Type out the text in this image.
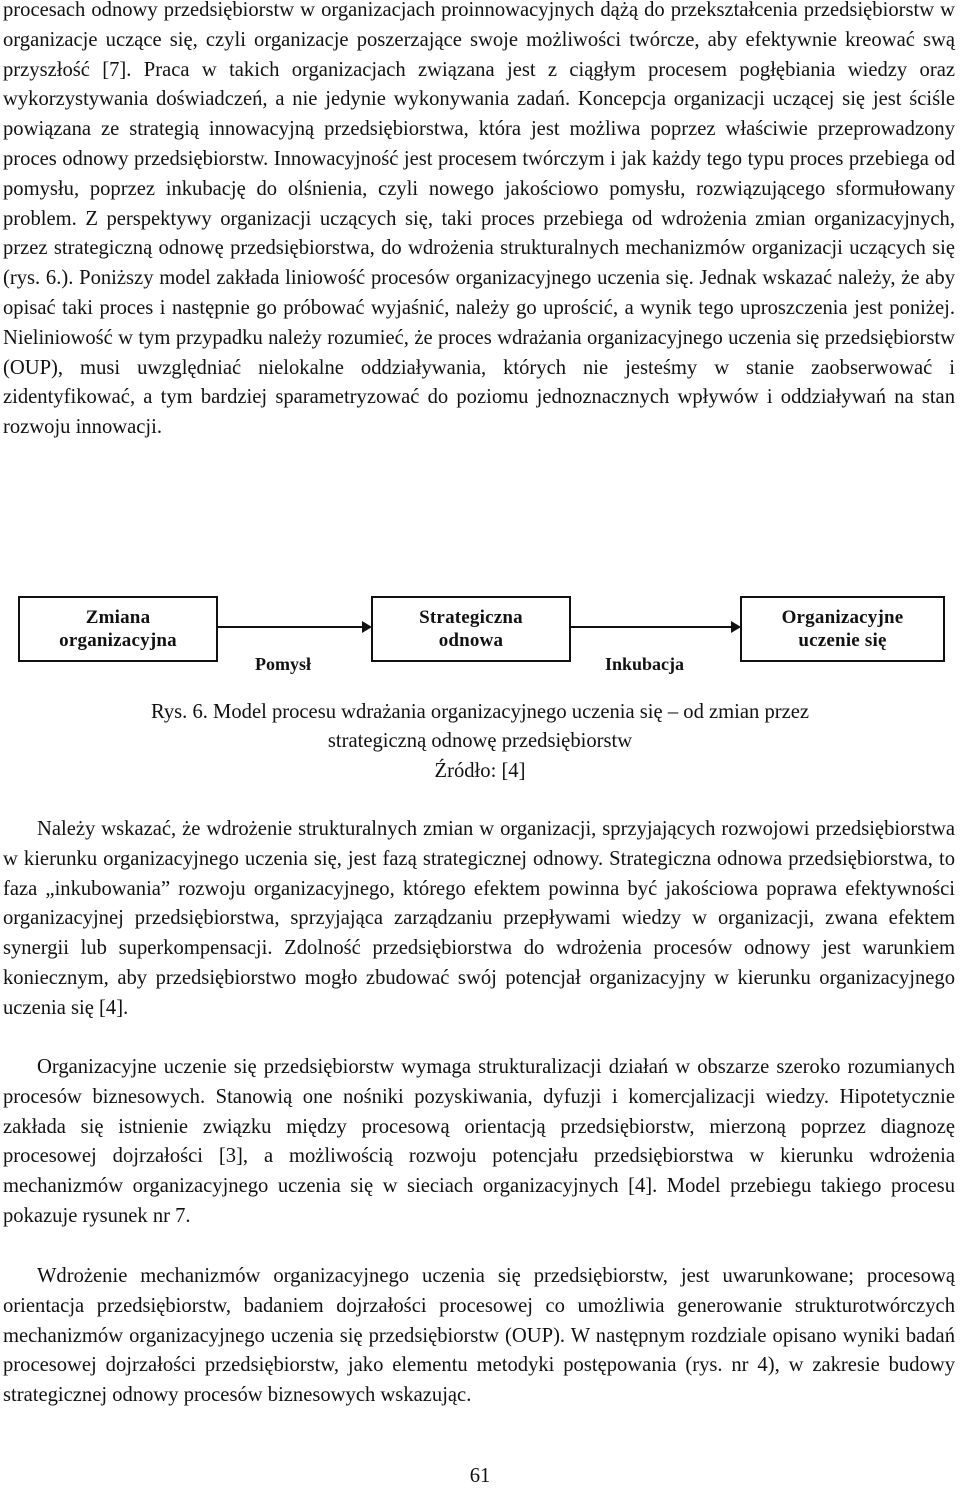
procesach odnowy przedsiębiorstw w organizacjach proinnowacyjnych dążą do przekształcenia przedsiębiorstw w organizacje uczące się, czyli organizacje poszerzające swoje możliwości twórcze, aby efektywnie kreować swą przyszłość [7]. Praca w takich organizacjach związana jest z ciągłym procesem pogłębiania wiedzy oraz wykorzystywania doświadczeń, a nie jedynie wykonywania zadań. Koncepcja organizacji uczącej się jest ściśle powiązana ze strategią innowacyjną przedsiębiorstwa, która jest możliwa poprzez właściwie przeprowadzony proces odnowy przedsiębiorstw. Innowacyjność jest procesem twórczym i jak każdy tego typu proces przebiega od pomysłu, poprzez inkubację do olśnienia, czyli nowego jakościowo pomysłu, rozwiązującego sformułowany problem. Z perspektywy organizacji uczących się, taki proces przebiega od wdrożenia zmian organizacyjnych, przez strategiczną odnowę przedsiębiorstwa, do wdrożenia strukturalnych mechanizmów organizacji uczących się (rys. 6.). Poniższy model zakłada liniowość procesów organizacyjnego uczenia się. Jednak wskazać należy, że aby opisać taki proces i następnie go próbować wyjaśnić, należy go uprościć, a wynik tego uproszczenia jest poniżej. Nieliniowość w tym przypadku należy rozumieć, że proces wdrażania organizacyjnego uczenia się przedsiębiorstw (OUP), musi uwzględniać nielokalne oddziaływania, których nie jesteśmy w stanie zaobserwować i zidentyfikować, a tym bardziej sparametryzować do poziomu jednoznacznych wpływów i oddziaływań na stan rozwoju innowacji.

Zmiana
organizacyjna
Strategiczna
odnowa
Organizacyjne
uczenie się
Pomysł	Inkubacja

Rys. 6. Model procesu wdrażania organizacyjnego uczenia się – od zmian przez

strategiczną odnowę przedsiębiorstw

Źródło: [4]

Należy wskazać, że wdrożenie strukturalnych zmian w organizacji, sprzyjających rozwojowi przedsiębiorstwa w kierunku organizacyjnego uczenia się, jest fazą strategicznej odnowy. Strategiczna odnowa przedsiębiorstwa, to faza „inkubowania” rozwoju organizacyjnego, którego efektem powinna być jakościowa poprawa efektywności organizacyjnej przedsiębiorstwa, sprzyjająca zarządzaniu przepływami wiedzy w organizacji, zwana efektem synergii lub superkompensacji. Zdolność przedsiębiorstwa do wdrożenia procesów odnowy jest warunkiem koniecznym, aby przedsiębiorstwo mogło zbudować swój potencjał organizacyjny w kierunku organizacyjnego uczenia się [4].

Organizacyjne uczenie się przedsiębiorstw wymaga strukturalizacji działań w obszarze szeroko rozumianych procesów biznesowych. Stanowią one nośniki pozyskiwania, dyfuzji i komercjalizacji wiedzy. Hipotetycznie zakłada się istnienie związku między procesową orientacją przedsiębiorstw, mierzoną poprzez diagnozę procesowej dojrzałości [3], a możliwością rozwoju potencjału przedsiębiorstwa w kierunku wdrożenia mechanizmów organizacyjnego uczenia się w sieciach organizacyjnych [4]. Model przebiegu takiego procesu pokazuje rysunek nr 7.

Wdrożenie mechanizmów organizacyjnego uczenia się przedsiębiorstw, jest uwarunkowane; procesową orientacja przedsiębiorstw, badaniem dojrzałości procesowej co umożliwia generowanie strukturotwórczych mechanizmów organizacyjnego uczenia się przedsiębiorstw (OUP). W następnym rozdziale opisano wyniki badań procesowej dojrzałości przedsiębiorstw, jako elementu metodyki postępowania (rys. nr 4), w zakresie budowy strategicznej odnowy procesów biznesowych wskazując.

61
